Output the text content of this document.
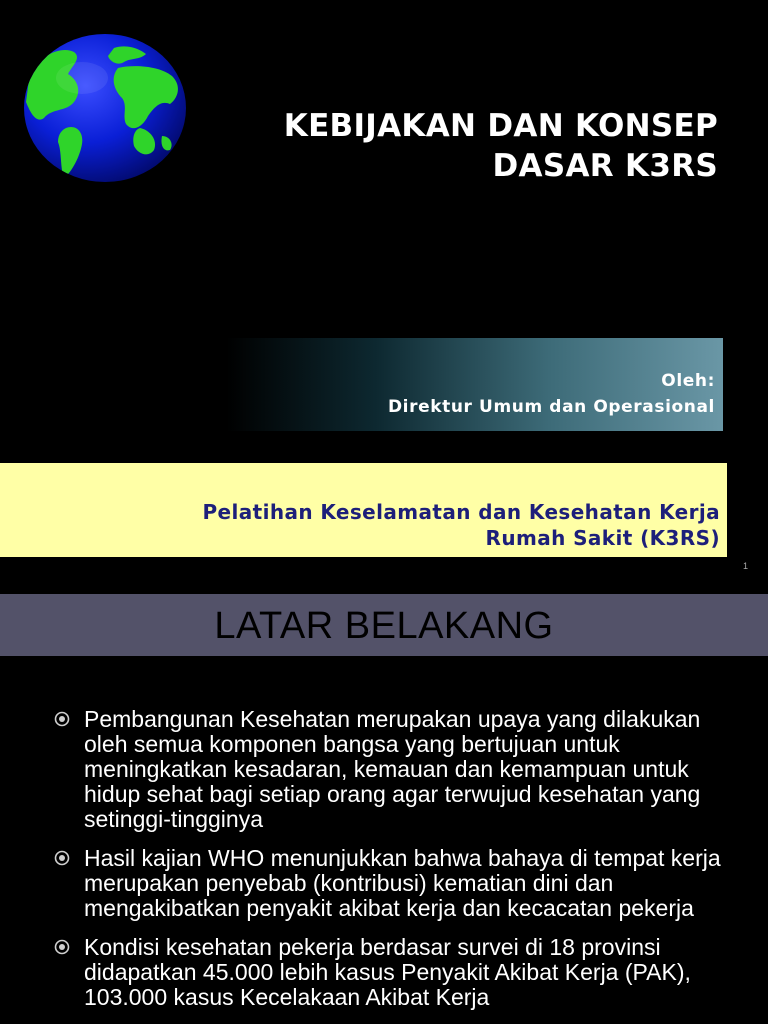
KEBIJAKAN DAN KONSEP
DASAR K3RS
Oleh:
Direktur Umum dan Operasional
Pelatihan Keselamatan dan Kesehatan Kerja
Rumah Sakit (K3RS)
1
LATAR BELAKANG
Pembangunan Kesehatan merupakan upaya yang dilakukan oleh semua komponen bangsa yang bertujuan untuk meningkatkan kesadaran, kemauan dan kemampuan untuk hidup sehat bagi setiap orang agar terwujud kesehatan yang setinggi-tingginya
Hasil kajian WHO menunjukkan bahwa bahaya di tempat kerja merupakan penyebab (kontribusi) kematian dini dan mengakibatkan penyakit akibat kerja dan kecacatan pekerja
Kondisi kesehatan pekerja berdasar survei di 18 provinsi didapatkan 45.000 lebih kasus Penyakit Akibat Kerja (PAK), 103.000 kasus Kecelakaan Akibat Kerja
